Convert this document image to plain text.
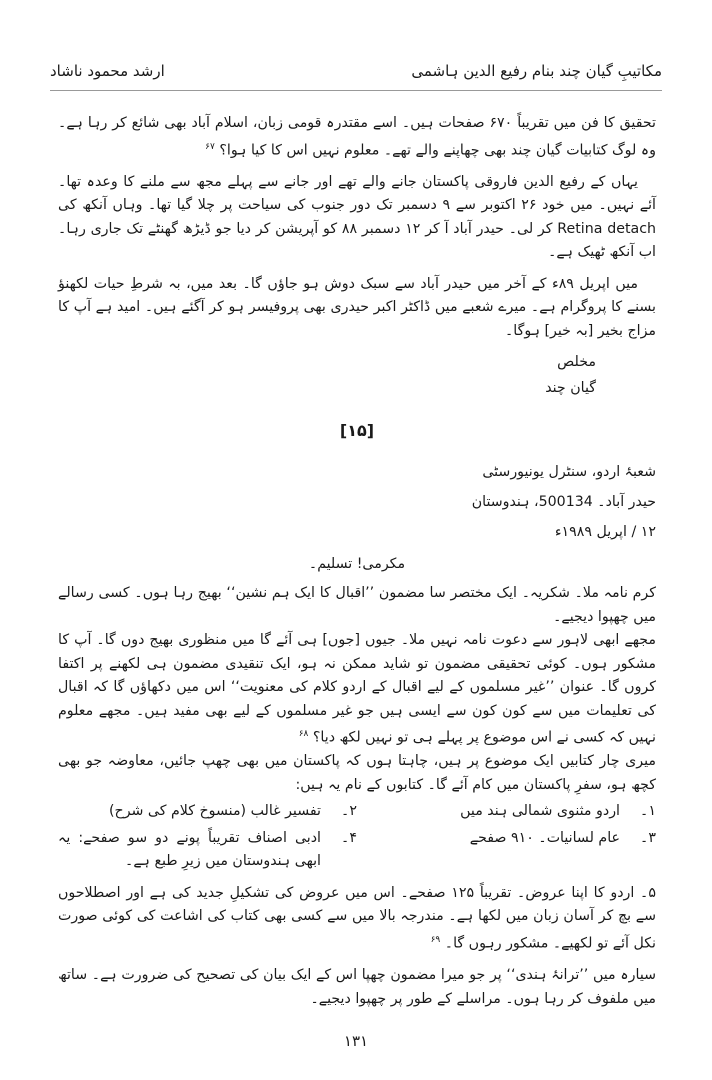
مکاتیبِ گیان چند بنام رفیع الدین ہاشمی
ارشد محمود ناشاد

تحقیق کا فن میں تقریباً ۶۷۰ صفحات ہیں۔ اسے مقتدرہ قومی زبان، اسلام آباد بھی شائع کر رہا ہے۔ وہ لوگ کتابیات گیان چند بھی چھاپنے والے تھے۔ معلوم نہیں اس کا کیا ہوا؟ $^{۶۷}$

یہاں کے رفیع الدین فاروقی پاکستان جانے والے تھے اور جانے سے پہلے مجھ سے ملنے کا وعدہ تھا۔ آئے نہیں۔ میں خود ۲۶ اکتوبر سے ۹ دسمبر تک دور جنوب کی سیاحت پر چلا گیا تھا۔ وہاں آنکھ کی Retina detach کر لی۔ حیدر آباد آ کر ۱۲ دسمبر ۸۸ کو آپریشن کر دیا جو ڈیڑھ گھنٹے تک جاری رہا۔ اب آنکھ ٹھیک ہے۔

میں اپریل ۸۹ء کے آخر میں حیدر آباد سے سبک دوش ہو جاؤں گا۔ بعد میں، بہ شرطِ حیات لکھنؤ بسنے کا پروگرام ہے۔ میرے شعبے میں ڈاکٹر اکبر حیدری بھی پروفیسر ہو کر آگئے ہیں۔ امید ہے آپ کا مزاج بخیر [بہ خیر] ہوگا۔

مخلص
گیان چند
[۱۵]

شعبۂ اردو، سنٹرل یونیورسٹی

حیدر آباد۔ 500134، ہندوستان

۱۲ / اپریل ۱۹۸۹ء

مکرمی! تسلیم۔

کرم نامہ ملا۔ شکریہ۔ ایک مختصر سا مضمون ’’اقبال کا ایک ہم نشین‘‘ بھیج رہا ہوں۔ کسی رسالے میں چھپوا دیجیے۔

مجھے ابھی لاہور سے دعوت نامہ نہیں ملا۔ جیوں [جوں] ہی آئے گا میں منظوری بھیج دوں گا۔ آپ کا مشکور ہوں۔ کوئی تحقیقی مضمون تو شاید ممکن نہ ہو، ایک تنقیدی مضمون ہی لکھنے پر اکتفا کروں گا۔ عنوان ’’غیر مسلموں کے لیے اقبال کے اردو کلام کی معنویت‘‘ اس میں دکھاؤں گا کہ اقبال کی تعلیمات میں سے کون کون سے ایسی ہیں جو غیر مسلموں کے لیے بھی مفید ہیں۔ مجھے معلوم نہیں کہ کسی نے اس موضوع پر پہلے ہی تو نہیں لکھ دیا؟ $^{۶۸}$

میری چار کتابیں ایک موضوع پر ہیں، چاہتا ہوں کہ پاکستان میں بھی چھپ جائیں، معاوضہ جو بھی کچھ ہو، سفرِ پاکستان میں کام آئے گا۔ کتابوں کے نام یہ ہیں:

۱۔
اردو مثنوی شمالی ہند میں
۲۔
تفسیر غالب (منسوخ کلام کی شرح)
۳۔
عام لسانیات۔ ۹۱۰ صفحے
۴۔
ادبی اصناف تقریباً پونے دو سو صفحے: یہ ابھی ہندوستان میں زیرِ طبع ہے۔

۵۔ اردو کا اپنا عروض۔ تقریباً ۱۲۵ صفحے۔ اس میں عروض کی تشکیلِ جدید کی ہے اور اصطلاحوں سے بچ کر آسان زبان میں لکھا ہے۔ مندرجہ بالا میں سے کسی بھی کتاب کی اشاعت کی کوئی صورت نکل آئے تو لکھیے۔ مشکور رہوں گا۔ $^{۶۹}$

سیارہ میں ’’ترانۂ ہندی‘‘ پر جو میرا مضمون چھپا اس کے ایک بیان کی تصحیح کی ضرورت ہے۔ ساتھ میں ملفوف کر رہا ہوں۔ مراسلے کے طور پر چھپوا دیجیے۔

۱۳۱
